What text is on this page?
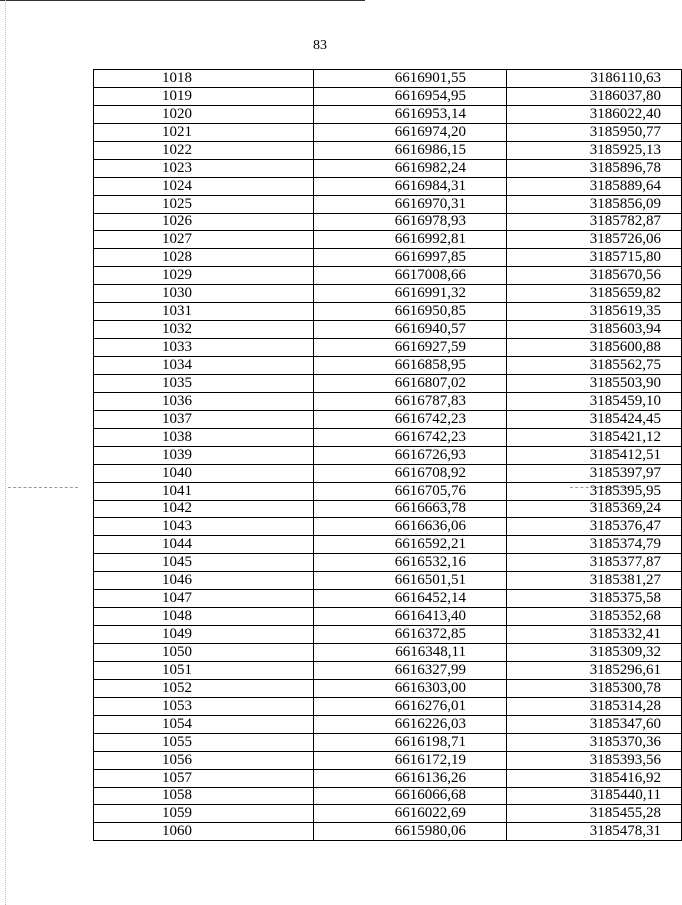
83
1018	6616901,55	3186110,63
1019	6616954,95	3186037,80
1020	6616953,14	3186022,40
1021	6616974,20	3185950,77
1022	6616986,15	3185925,13
1023	6616982,24	3185896,78
1024	6616984,31	3185889,64
1025	6616970,31	3185856,09
1026	6616978,93	3185782,87
1027	6616992,81	3185726,06
1028	6616997,85	3185715,80
1029	6617008,66	3185670,56
1030	6616991,32	3185659,82
1031	6616950,85	3185619,35
1032	6616940,57	3185603,94
1033	6616927,59	3185600,88
1034	6616858,95	3185562,75
1035	6616807,02	3185503,90
1036	6616787,83	3185459,10
1037	6616742,23	3185424,45
1038	6616742,23	3185421,12
1039	6616726,93	3185412,51
1040	6616708,92	3185397,97
1041	6616705,76	3185395,95
1042	6616663,78	3185369,24
1043	6616636,06	3185376,47
1044	6616592,21	3185374,79
1045	6616532,16	3185377,87
1046	6616501,51	3185381,27
1047	6616452,14	3185375,58
1048	6616413,40	3185352,68
1049	6616372,85	3185332,41
1050	6616348,11	3185309,32
1051	6616327,99	3185296,61
1052	6616303,00	3185300,78
1053	6616276,01	3185314,28
1054	6616226,03	3185347,60
1055	6616198,71	3185370,36
1056	6616172,19	3185393,56
1057	6616136,26	3185416,92
1058	6616066,68	3185440,11
1059	6616022,69	3185455,28
1060	6615980,06	3185478,31
